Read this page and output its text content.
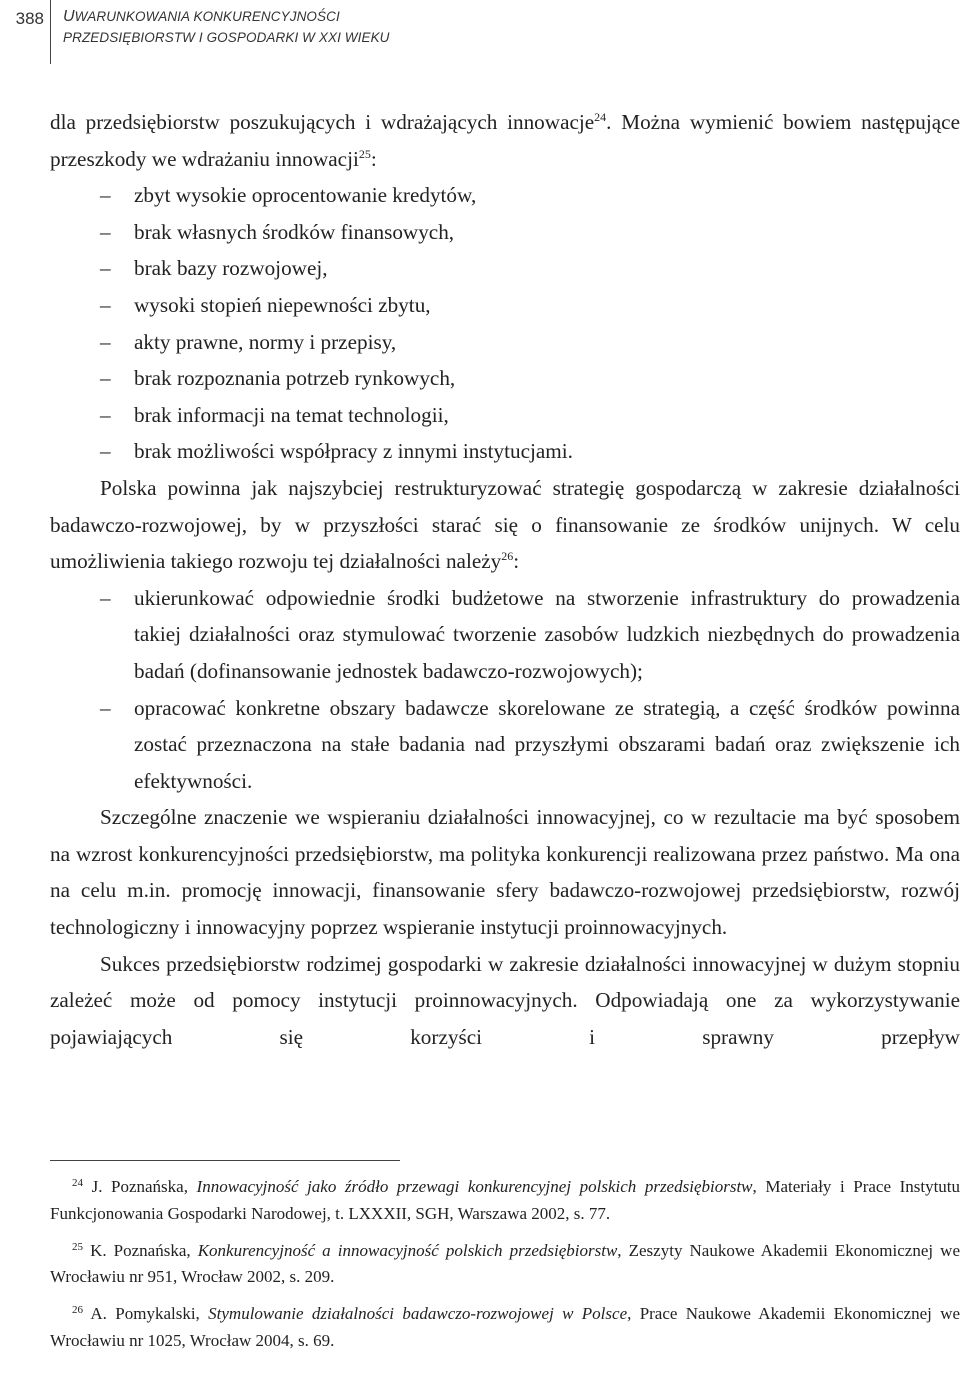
388 UWARUNKOWANIA KONKURENCYJNOŚCI
PRZEDSIĘBIORSTW I GOSPODARKI W XXI WIEKU

dla przedsiębiorstw poszukujących i wdrażających innowacje$^{24}$. Można wymienić bowiem następujące przeszkody we wdrażaniu innowacji$^{25}$:

– zbyt wysokie oprocentowanie kredytów,
– brak własnych środków finansowych,
– brak bazy rozwojowej,
– wysoki stopień niepewności zbytu,
– akty prawne, normy i przepisy,
– brak rozpoznania potrzeb rynkowych,
– brak informacji na temat technologii,
– brak możliwości współpracy z innymi instytucjami.

Polska powinna jak najszybciej restrukturyzować strategię gospodarczą w zakresie działalności badawczo-rozwojowej, by w przyszłości starać się o finansowanie ze środków unijnych. W celu umożliwienia takiego rozwoju tej działalności należy$^{26}$:

– ukierunkować odpowiednie środki budżetowe na stworzenie infrastruktury do prowadzenia takiej działalności oraz stymulować tworzenie zasobów ludzkich niezbędnych do prowadzenia badań (dofinansowanie jednostek badawczo-rozwojowych);
– opracować konkretne obszary badawcze skorelowane ze strategią, a część środków powinna zostać przeznaczona na stałe badania nad przyszłymi obszarami badań oraz zwiększenie ich efektywności.

Szczególne znaczenie we wspieraniu działalności innowacyjnej, co w rezultacie ma być sposobem na wzrost konkurencyjności przedsiębiorstw, ma polityka konkurencji realizowana przez państwo. Ma ona na celu m.in. promocję innowacji, finansowanie sfery badawczo-rozwojowej przedsiębiorstw, rozwój technologiczny i innowacyjny poprzez wspieranie instytucji proinnowacyjnych.

Sukces przedsiębiorstw rodzimej gospodarki w zakresie działalności innowacyjnej w dużym stopniu zależeć może od pomocy instytucji proinnowacyjnych. Odpowiadają one za wykorzystywanie pojawiających się korzyści i sprawny przepływ

$^{24}$ J. Poznańska, Innowacyjność jako źródło przewagi konkurencyjnej polskich przedsiębiorstw, Materiały i Prace Instytutu Funkcjonowania Gospodarki Narodowej, t. LXXXII, SGH, Warszawa 2002, s. 77.

$^{25}$ K. Poznańska, Konkurencyjność a innowacyjność polskich przedsiębiorstw, Zeszyty Naukowe Akademii Ekonomicznej we Wrocławiu nr 951, Wrocław 2002, s. 209.

$^{26}$ A. Pomykalski, Stymulowanie działalności badawczo-rozwojowej w Polsce, Prace Naukowe Akademii Ekonomicznej we Wrocławiu nr 1025, Wrocław 2004, s. 69.
